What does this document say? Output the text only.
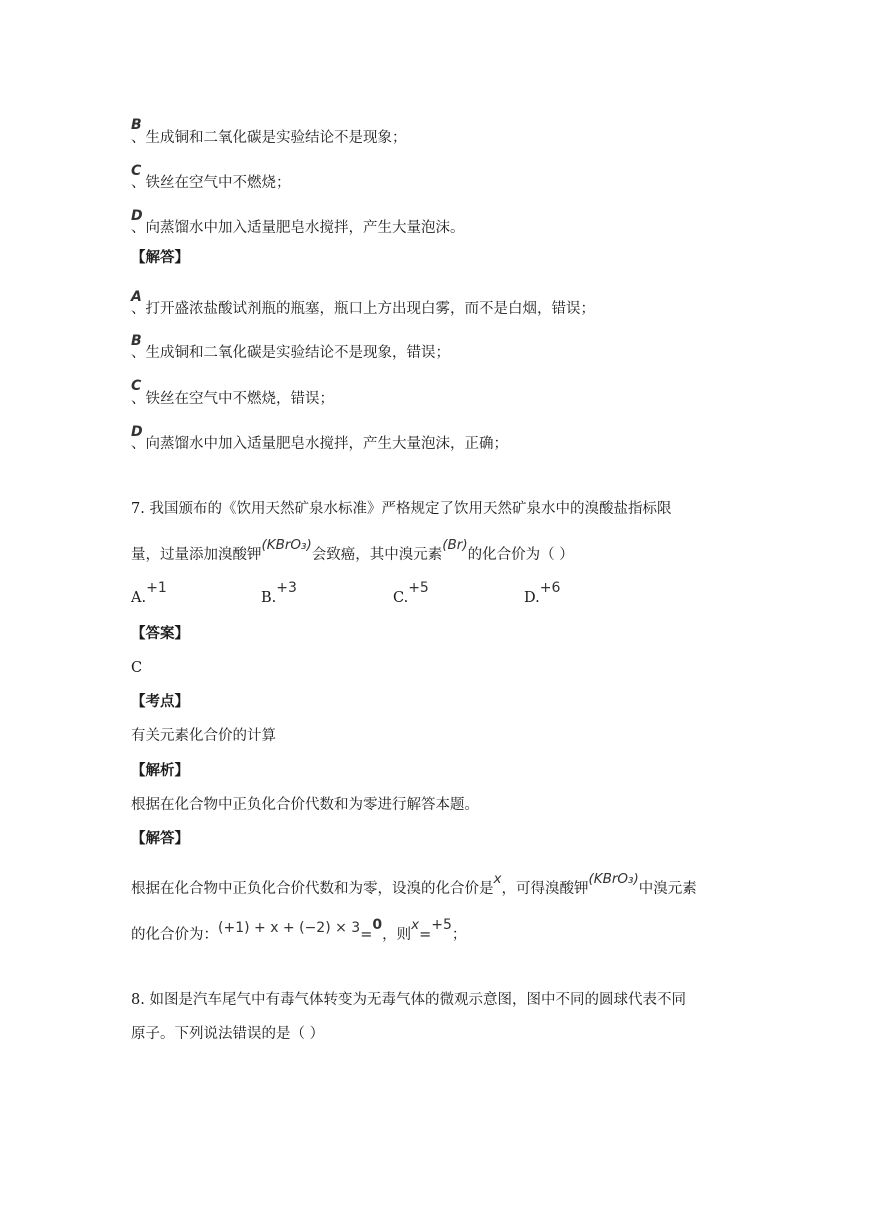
B
、生成铜和二氧化碳是实验结论不是现象；
C
、铁丝在空气中不燃烧；
D
、向蒸馏水中加入适量肥皂水搅拌，产生大量泡沫。
【解答】
A
、打开盛浓盐酸试剂瓶的瓶塞，瓶口上方出现白雾，而不是白烟，错误；
B
、生成铜和二氧化碳是实验结论不是现象，错误；
C
、铁丝在空气中不燃烧，错误；
D
、向蒸馏水中加入适量肥皂水搅拌，产生大量泡沫，正确；
7. 我国颁布的《饮用天然矿泉水标准》严格规定了饮用天然矿泉水中的溴酸盐指标限
量，过量添加溴酸钾(KBrO₃)会致癌，其中溴元素(Br)的化合价为（ ）
A.+1
B.+3
C.+5
D.+6
【答案】
C
【考点】
有关元素化合价的计算
【解析】
根据在化合物中正负化合价代数和为零进行解答本题。
【解答】
根据在化合物中正负化合价代数和为零，设溴的化合价是x，可得溴酸钾(KBrO₃)中溴元素
的化合价为：(+1) + x + (−2) × 3=0，则x=+5；
8. 如图是汽车尾气中有毒气体转变为无毒气体的微观示意图，图中不同的圆球代表不同
原子。下列说法错误的是（ ）
